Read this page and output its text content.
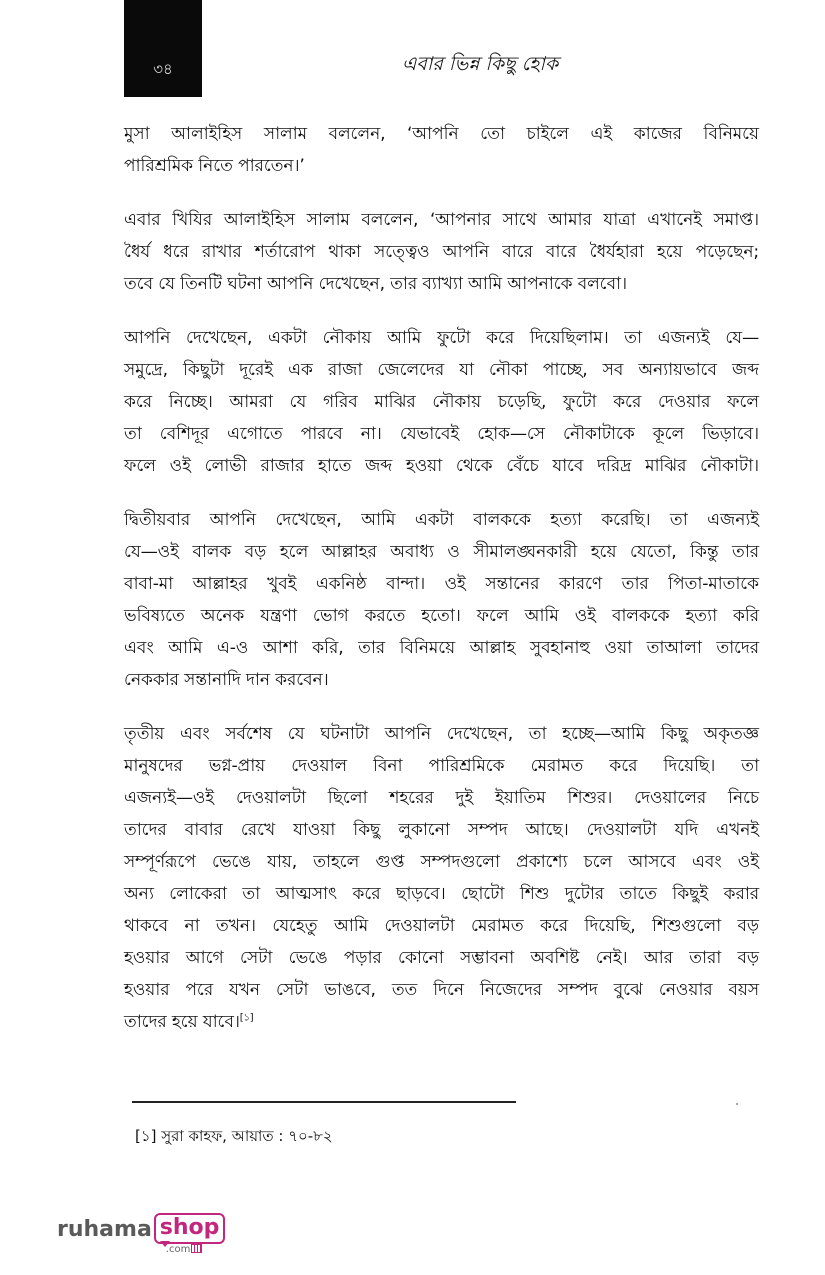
৩৪	এবার ভিন্ন কিছু হোক

মুসা আলাইহিস সালাম বললেন, ‘আপনি তো চাইলে এই কাজের বিনিময়ে
পারিশ্রমিক নিতে পারতেন।’

এবার খিযির আলাইহিস সালাম বললেন, ‘আপনার সাথে আমার যাত্রা এখানেই সমাপ্ত।
ধৈর্য ধরে রাখার শর্তারোপ থাকা সত্ত্বেও আপনি বারে বারে ধৈর্যহারা হয়ে পড়েছেন;
তবে যে তিনটি ঘটনা আপনি দেখেছেন, তার ব্যাখ্যা আমি আপনাকে বলবো।

আপনি দেখেছেন, একটা নৌকায় আমি ফুটো করে দিয়েছিলাম। তা এজন্যই যে—
সমুদ্রে, কিছুটা দূরেই এক রাজা জেলেদের যা নৌকা পাচ্ছে, সব অন্যায়ভাবে জব্দ
করে নিচ্ছে। আমরা যে গরিব মাঝির নৌকায় চড়েছি, ফুটো করে দেওয়ার ফলে
তা বেশিদূর এগোতে পারবে না। যেভাবেই হোক—সে নৌকাটাকে কূলে ভিড়াবে।
ফলে ওই লোভী রাজার হাতে জব্দ হওয়া থেকে বেঁচে যাবে দরিদ্র মাঝির নৌকাটা।

দ্বিতীয়বার আপনি দেখেছেন, আমি একটা বালককে হত্যা করেছি। তা এজন্যই
যে—ওই বালক বড় হলে আল্লাহর অবাধ্য ও সীমালঙ্ঘনকারী হয়ে যেতো, কিন্তু তার
বাবা-মা আল্লাহর খুবই একনিষ্ঠ বান্দা। ওই সন্তানের কারণে তার পিতা-মাতাকে
ভবিষ্যতে অনেক যন্ত্রণা ভোগ করতে হতো। ফলে আমি ওই বালককে হত্যা করি
এবং আমি এ-ও আশা করি, তার বিনিময়ে আল্লাহ সুবহানাহু ওয়া তাআলা তাদের
নেককার সন্তানাদি দান করবেন।

তৃতীয় এবং সর্বশেষ যে ঘটনাটা আপনি দেখেছেন, তা হচ্ছে—আমি কিছু অকৃতজ্ঞ
মানুষদের ভগ্ন-প্রায় দেওয়াল বিনা পারিশ্রমিকে মেরামত করে দিয়েছি। তা
এজন্যই—ওই দেওয়ালটা ছিলো শহরের দুই ইয়াতিম শিশুর। দেওয়ালের নিচে
তাদের বাবার রেখে যাওয়া কিছু লুকানো সম্পদ আছে। দেওয়ালটা যদি এখনই
সম্পূর্ণরূপে ভেঙে যায়, তাহলে গুপ্ত সম্পদগুলো প্রকাশ্যে চলে আসবে এবং ওই
অন্য লোকেরা তা আত্মসাৎ করে ছাড়বে। ছোটো শিশু দুটোর তাতে কিছুই করার
থাকবে না তখন। যেহেতু আমি দেওয়ালটা মেরামত করে দিয়েছি, শিশুগুলো বড়
হওয়ার আগে সেটা ভেঙে পড়ার কোনো সম্ভাবনা অবশিষ্ট নেই। আর তারা বড়
হওয়ার পরে যখন সেটা ভাঙবে, তত দিনে নিজেদের সম্পদ বুঝে নেওয়ার বয়স
তাদের হয়ে যাবে।[১]

[১] সুরা কাহফ, আয়াত : ৭০-৮২
ruhama shop
.com
